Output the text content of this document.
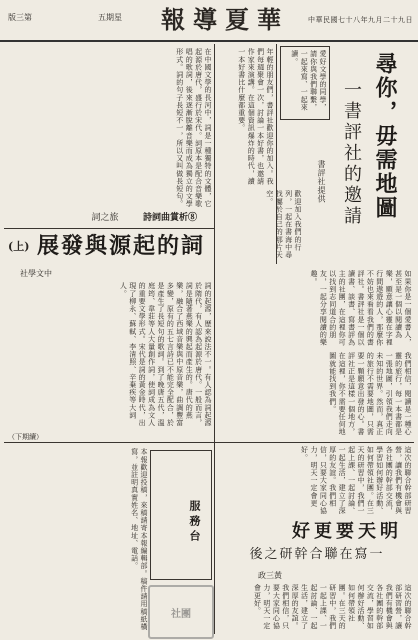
中華民國七十八年九月二十九日
華夏導報
星期五
第三版
尋你，毋需地圖
一書評社的邀請
書評社提供
如果你是一個愛書人，甚至是一個以閱讀為樂，願意讓心靈在字裡行間遨遊的人，那麼你不妨也來看看我們的書評社。書評社是一個以讀書、談書、寫書評為主的社團，在這裡你可以找到志同道合的朋友，一起分享閱讀的樂趣。
我們相信，閱讀是一種心靈的旅行，每一本書都是一張地圖，引領我們走向未知的世界。然而，真正的旅行不需要地圖，只需要一顆願意出發的心。書評社正是這樣一個地方，在這裡，你不需要任何地圖就能找到我們。
歡迎加入我們的行列，一起在書海中尋找屬於自己的那片天空。
愛好文學的同學，請你與我們聯繫，一起來寫、一起來讀。
年輕的朋友們，書評社歡迎你的加入。我們每週聚會一次，討論一本好書，也邀請作家來演講。在這個資訊爆炸的時代，讀一本好書比什麼都重要。
在中國文學的長河中，詞是一種獨特的文體，它起源於唐代，盛行於宋代。詞原本是配合音樂歌唱的歌詞，後來逐漸脫離音樂而成為獨立的文學形式。詞的句子長短不一，所以又叫做長短句。
詩詞曲賞析⑧
詞之旅
詞的起源與發展
(上)
中文學社
詞的起源，歷來說法不一。有人認為詞起源於隋代，有人認為起源於唐代。一般而言，詞是隨著燕樂的興起而產生的。唐代的燕樂，融合了西域音樂與中原音樂，曲調豐富多變，原有的五七言詩已不能完全配合，於是產生了長短句的歌詞。到了晚唐五代，溫庭筠、韋莊等人大量創作詞，使詞成為文人的重要文學形式。宋代是詞的黃金時代，出現了柳永、蘇軾、李清照、辛棄疾等大詞人。
（下期續）
這次的聯合幹部研習營，讓我們有機會與各社團的幹部交流，學習如何辦好活動、如何帶領社團。在三天的研習中，我們一起上課、一起討論、一起生活，建立了深厚的友誼。我們相信，只要大家同心協力，明天一定會更好。
明天要更好
一寫在聯合幹研之後
黃三政
這次的聯合幹部研習營，讓我們有機會與各社團的幹部交流，學習如何辦好活動、如何帶領社團。在三天的研習中，我們一起上課、一起討論、一起生活，建立了深厚的友誼。我們相信，只要大家同心協力，明天一定會更好。
本報歡迎投稿，來稿請寄本報編輯部。稿件請用稿紙橫寫，並註明真實姓名、地址、電話。	服務台
社團
